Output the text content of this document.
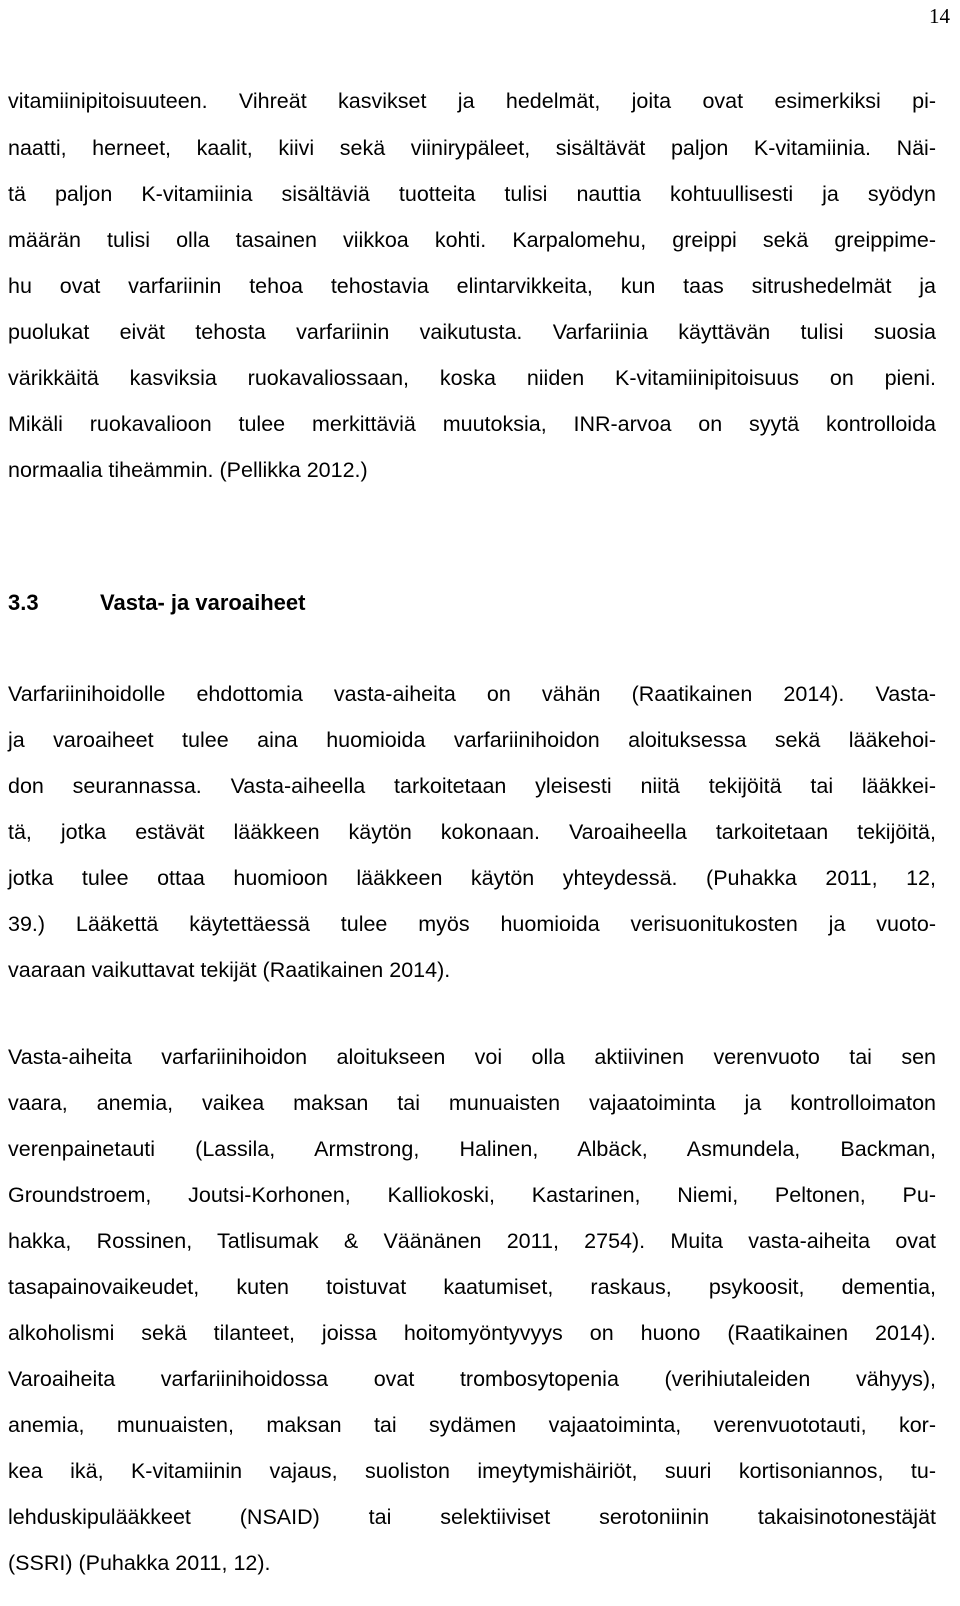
14
vitamiinipitoisuuteen. Vihreät kasvikset ja hedelmät, joita ovat esimerkiksi pi-
naatti, herneet, kaalit, kiivi sekä viinirypäleet, sisältävät paljon K-vitamiinia. Näi-
tä paljon K-vitamiinia sisältäviä tuotteita tulisi nauttia kohtuullisesti ja syödyn
määrän tulisi olla tasainen viikkoa kohti. Karpalomehu, greippi sekä greippime-
hu ovat varfariinin tehoa tehostavia elintarvikkeita, kun taas sitrushedelmät ja
puolukat eivät tehosta varfariinin vaikutusta. Varfariinia käyttävän tulisi suosia
värikkäitä kasviksia ruokavaliossaan, koska niiden K-vitamiinipitoisuus on pieni.
Mikäli ruokavalioon tulee merkittäviä muutoksia, INR-arvoa on syytä kontrolloida
normaalia tiheämmin. (Pellikka 2012.)
3.3	Vasta- ja varoaiheet
Varfariinihoidolle ehdottomia vasta-aiheita on vähän (Raatikainen 2014). Vasta-
ja varoaiheet tulee aina huomioida varfariinihoidon aloituksessa sekä lääkehoi-
don seurannassa. Vasta-aiheella tarkoitetaan yleisesti niitä tekijöitä tai lääkkei-
tä, jotka estävät lääkkeen käytön kokonaan. Varoaiheella tarkoitetaan tekijöitä,
jotka tulee ottaa huomioon lääkkeen käytön yhteydessä. (Puhakka 2011, 12,
39.) Lääkettä käytettäessä tulee myös huomioida verisuonitukosten ja vuoto-
vaaraan vaikuttavat tekijät (Raatikainen 2014).
Vasta-aiheita varfariinihoidon aloitukseen voi olla aktiivinen verenvuoto tai sen
vaara, anemia, vaikea maksan tai munuaisten vajaatoiminta ja kontrolloimaton
verenpainetauti (Lassila, Armstrong, Halinen, Albäck, Asmundela, Backman,
Groundstroem, Joutsi-Korhonen, Kalliokoski, Kastarinen, Niemi, Peltonen, Pu-
hakka, Rossinen, Tatlisumak & Väänänen 2011, 2754). Muita vasta-aiheita ovat
tasapainovaikeudet, kuten toistuvat kaatumiset, raskaus, psykoosit, dementia,
alkoholismi sekä tilanteet, joissa hoitomyöntyvyys on huono (Raatikainen 2014).
Varoaiheita varfariinihoidossa ovat trombosytopenia (verihiutaleiden vähyys),
anemia, munuaisten, maksan tai sydämen vajaatoiminta, verenvuototauti, kor-
kea ikä, K-vitamiinin vajaus, suoliston imeytymishäiriöt, suuri kortisoniannos, tu-
lehduskipulääkkeet (NSAID) tai selektiiviset serotoniinin takaisinotonestäjät
(SSRI) (Puhakka 2011, 12).
